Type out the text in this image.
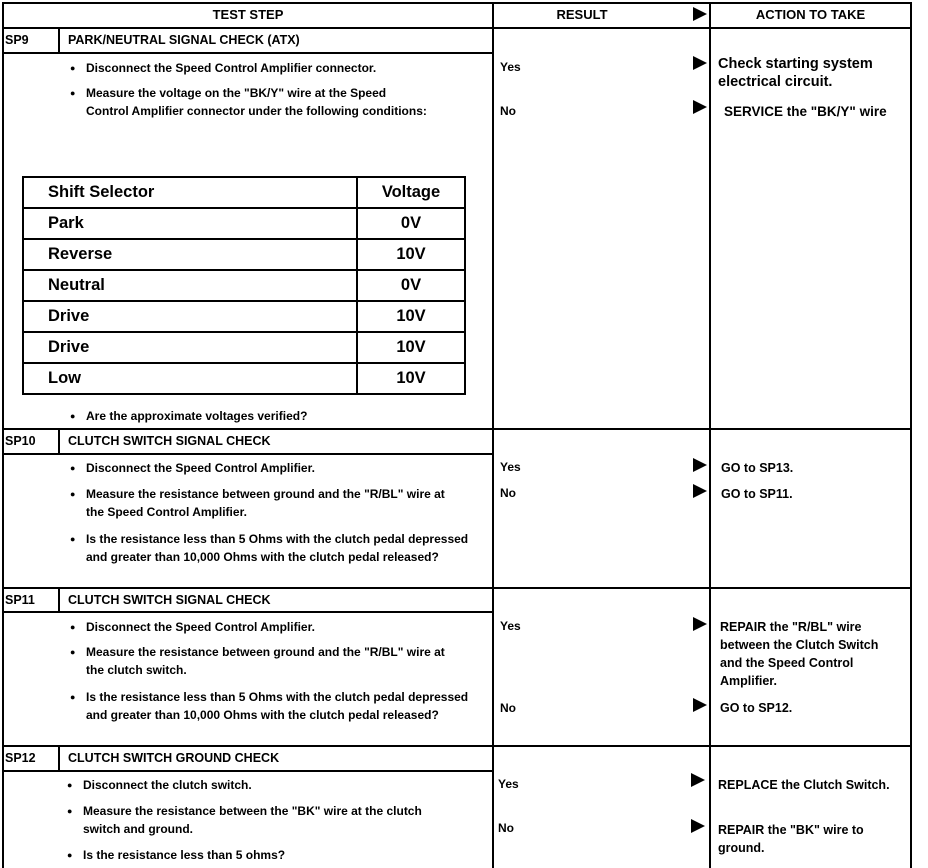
TEST STEP	RESULT	ACTION TO TAKE
SP9	PARK/NEUTRAL SIGNAL CHECK (ATX)
● Disconnect the Speed Control Amplifier connector.
● Measure the voltage on the "BK/Y" wire at the Speed Control Amplifier connector under the following conditions:
Shift Selector	Voltage
Park	0V
Reverse	10V
Neutral	0V
Drive	10V
Drive	10V
Low	10V
● Are the approximate voltages verified?
Yes	Check starting system electrical circuit.
No	SERVICE the "BK/Y" wire
SP10	CLUTCH SWITCH SIGNAL CHECK
● Disconnect the Speed Control Amplifier.
● Measure the resistance between ground and the "R/BL" wire at the Speed Control Amplifier.
● Is the resistance less than 5 Ohms with the clutch pedal depressed and greater than 10,000 Ohms with the clutch pedal released?
Yes	GO to SP13.
No	GO to SP11.
SP11	CLUTCH SWITCH SIGNAL CHECK
● Disconnect the Speed Control Amplifier.
● Measure the resistance between ground and the "R/BL" wire at the clutch switch.
● Is the resistance less than 5 Ohms with the clutch pedal depressed and greater than 10,000 Ohms with the clutch pedal released?
Yes	REPAIR the "R/BL" wire between the Clutch Switch and the Speed Control Amplifier.
No	GO to SP12.
SP12	CLUTCH SWITCH GROUND CHECK
● Disconnect the clutch switch.
● Measure the resistance between the "BK" wire at the clutch switch and ground.
● Is the resistance less than 5 ohms?
Yes	REPLACE the Clutch Switch.
No	REPAIR the "BK" wire to ground.
